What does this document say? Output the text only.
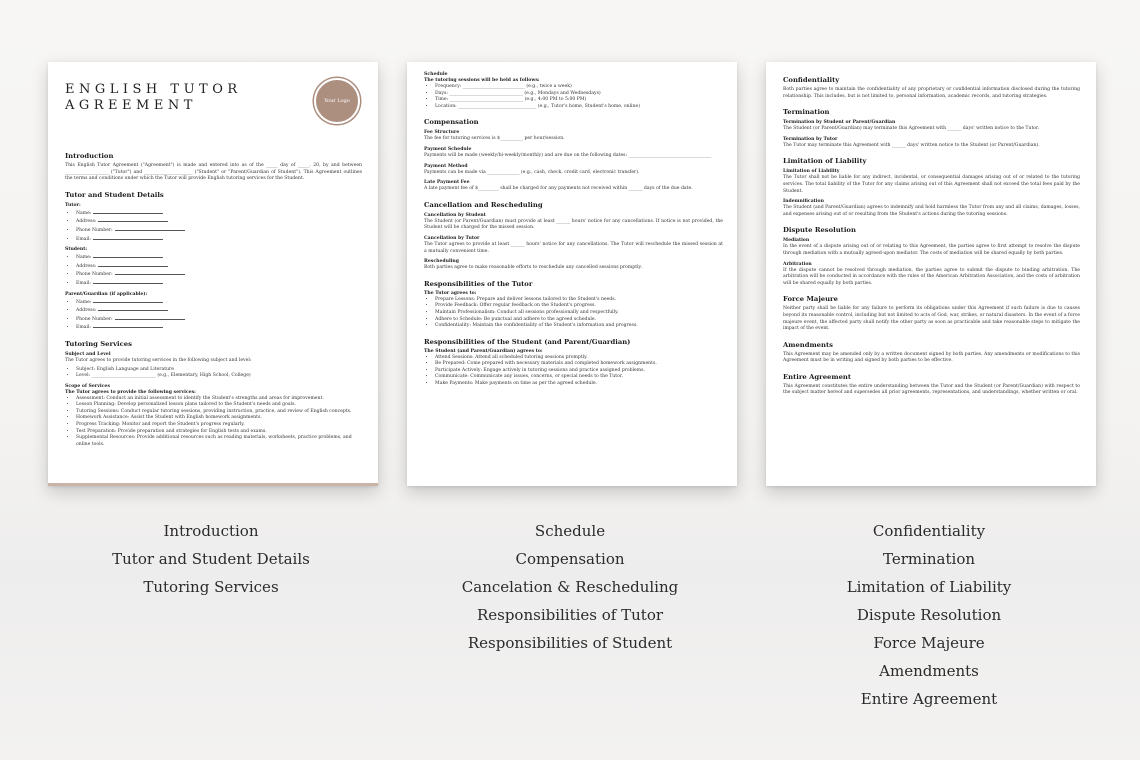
ENGLISH TUTOR AGREEMENT	Your Logo
Introduction

This English Tutor Agreement ("Agreement") is made and entered into as of the _____ day of _____, 20, by and between ___________________ ("Tutor") and _____________________ ("Student" or "Parent/Guardian of Student"). This Agreement outlines the terms and conditions under which the Tutor will provide English tutoring services for the Student.

Tutor and Student Details
Tutor:
• Name:
• Address:
• Phone Number:
• Email:
Student:
• Name:
• Address:
• Phone Number:
• Email:
Parent/Guardian (if applicable):
• Name:
• Address:
• Phone Number:
• Email:
Tutoring Services
Subject and Level

The Tutor agrees to provide tutoring services in the following subject and level:

• Subject: English Language and Literature
• Level: ____________________________ (e.g., Elementary, High School, College)
Scope of Services
The Tutor agrees to provide the following services:
• Assessment: Conduct an initial assessment to identify the Student's strengths and areas for improvement.
• Lesson Planning: Develop personalized lesson plans tailored to the Student's needs and goals.
• Tutoring Sessions: Conduct regular tutoring sessions, providing instruction, practice, and review of English concepts.
• Homework Assistance: Assist the Student with English homework assignments.
• Progress Tracking: Monitor and report the Student's progress regularly.
• Test Preparation: Provide preparation and strategies for English tests and exams.
• Supplemental Resources: Provide additional resources such as reading materials, worksheets, practice problems, and online tools.
Schedule
The tutoring sessions will be held as follows:
• Frequency: ___________________________ (e.g., twice a week)
• Days: ________________________________ (e.g., Mondays and Wednesdays)
• Time: ________________________________ (e.g., 4:00 PM to 5:00 PM)
• Location: __________________________________ (e.g., Tutor's home, Student's home, online)
Compensation
Fee Structure

The fee for tutoring services is $__________ per hour/session.

Payment Schedule

Payments will be made (weekly/bi-weekly/monthly) and are due on the following dates: ____________________________________

Payment Method

Payments can be made via ______________ (e.g., cash, check, credit card, electronic transfer).

Late Payment Fee

A late payment fee of $_________ shall be charged for any payments not received within ______ days of the due date.

Cancellation and Rescheduling
Cancellation by Student

The Student (or Parent/Guardian) must provide at least ______ hours' notice for any cancellations. If notice is not provided, the Student will be charged for the missed session.

Cancellation by Tutor

The Tutor agrees to provide at least ______ hours' notice for any cancellations. The Tutor will reschedule the missed session at a mutually convenient time.

Rescheduling

Both parties agree to make reasonable efforts to reschedule any cancelled sessions promptly.

Responsibilities of the Tutor
The Tutor agrees to:
• Prepare Lessons: Prepare and deliver lessons tailored to the Student's needs.
• Provide Feedback: Offer regular feedback on the Student's progress.
• Maintain Professionalism: Conduct all sessions professionally and respectfully.
• Adhere to Schedule: Be punctual and adhere to the agreed schedule.
• Confidentiality: Maintain the confidentiality of the Student's information and progress.
Responsibilities of the Student (and Parent/Guardian)
The Student (and Parent/Guardian) agrees to:
• Attend Sessions: Attend all scheduled tutoring sessions promptly.
• Be Prepared: Come prepared with necessary materials and completed homework assignments.
• Participate Actively: Engage actively in tutoring sessions and practice assigned problems.
• Communicate: Communicate any issues, concerns, or special needs to the Tutor.
• Make Payments: Make payments on time as per the agreed schedule.
Confidentiality

Both parties agree to maintain the confidentiality of any proprietary or confidential information disclosed during the tutoring relationship. This includes, but is not limited to, personal information, academic records, and tutoring strategies.

Termination
Termination by Student or Parent/Guardian

The Student (or Parent/Guardian) may terminate this Agreement with ______ days' written notice to the Tutor.

Termination by Tutor

The Tutor may terminate this Agreement with ______ days' written notice to the Student (or Parent/Guardian).

Limitation of Liability
Limitation of Liability

The Tutor shall not be liable for any indirect, incidental, or consequential damages arising out of or related to the tutoring services. The total liability of the Tutor for any claims arising out of this Agreement shall not exceed the total fees paid by the Student.

Indemnification

The Student (and Parent/Guardian) agrees to indemnify and hold harmless the Tutor from any and all claims, damages, losses, and expenses arising out of or resulting from the Student's actions during the tutoring sessions.

Dispute Resolution
Mediation

In the event of a dispute arising out of or relating to this Agreement, the parties agree to first attempt to resolve the dispute through mediation with a mutually agreed-upon mediator. The costs of mediation will be shared equally by both parties.

Arbitration

If the dispute cannot be resolved through mediation, the parties agree to submit the dispute to binding arbitration. The arbitration will be conducted in accordance with the rules of the American Arbitration Association, and the costs of arbitration will be shared equally by both parties.

Force Majeure

Neither party shall be liable for any failure to perform its obligations under this Agreement if such failure is due to causes beyond its reasonable control, including but not limited to acts of God, war, strikes, or natural disasters. In the event of a force majeure event, the affected party shall notify the other party as soon as practicable and take reasonable steps to mitigate the impact of the event.

Amendments

This Agreement may be amended only by a written document signed by both parties. Any amendments or modifications to this Agreement must be in writing and signed by both parties to be effective.

Entire Agreement

This Agreement constitutes the entire understanding between the Tutor and the Student (or Parent/Guardian) with respect to the subject matter hereof and supersedes all prior agreements, representations, and understandings, whether written or oral.

Introduction
Tutor and Student Details
Tutoring Services
Schedule
Compensation
Cancelation & Rescheduling
Responsibilities of Tutor
Responsibilities of Student
Confidentiality
Termination
Limitation of Liability
Dispute Resolution
Force Majeure
Amendments
Entire Agreement
